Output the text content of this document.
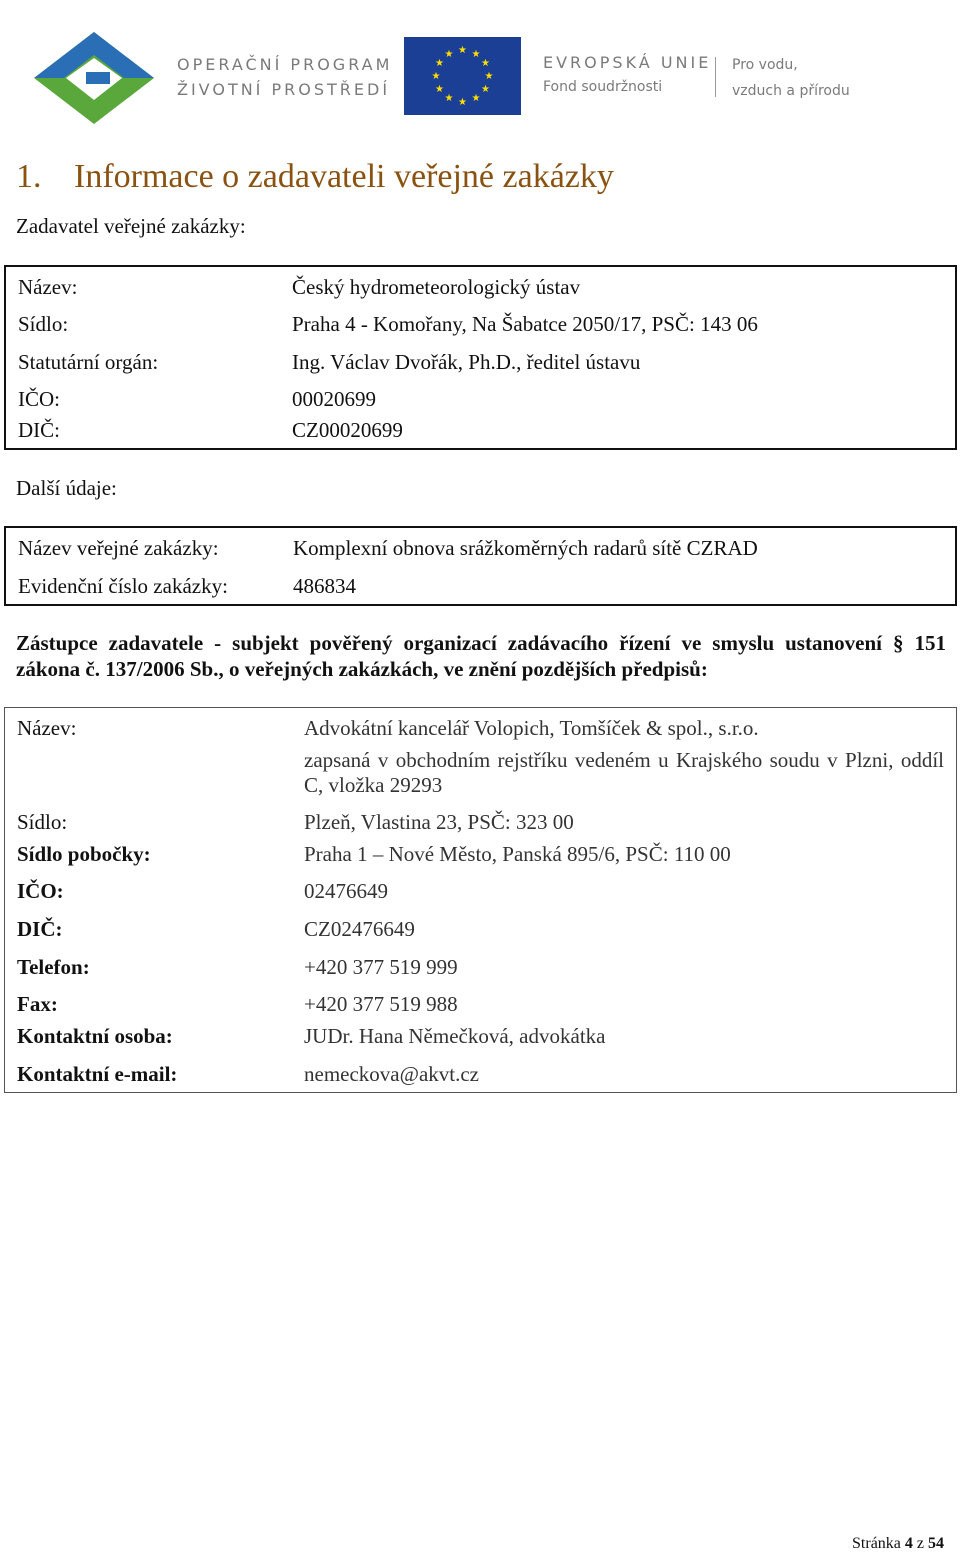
OPERAČNÍ PROGRAM
ŽIVOTNÍ PROSTŘEDÍ
★ ★
★
★
★
★
★
★
★
★
★
★	EVROPSKÁ UNIE
Fond soudržnosti
Pro vodu,
vzduch a přírodu
1. Informace o zadavateli veřejné zakázky
Zadavatel veřejné zakázky:
Název:	Český hydrometeorologický ústav
Sídlo:	Praha 4 - Komořany, Na Šabatce 2050/17, PSČ: 143 06
Statutární orgán:	Ing. Václav Dvořák, Ph.D., ředitel ústavu
IČO:	00020699
DIČ:	CZ00020699
Další údaje:
Název veřejné zakázky:	Komplexní obnova srážkoměrných radarů sítě CZRAD
Evidenční číslo zakázky:	486834
Zástupce zadavatele - subjekt pověřený organizací zadávacího řízení ve smyslu ustanovení § 151 zákona č. 137/2006 Sb., o veřejných zakázkách, ve znění pozdějších předpisů:
Název:	Advokátní kancelář Volopich, Tomšíček & spol., s.r.o.
zapsaná v obchodním rejstříku vedeném u Krajského soudu v Plzni, oddíl C, vložka 29293
Sídlo:	Plzeň, Vlastina 23, PSČ: 323 00
Sídlo pobočky:	Praha 1 – Nové Město, Panská 895/6, PSČ: 110 00
IČO:	02476649
DIČ:	CZ02476649
Telefon:	+420 377 519 999
Fax:	+420 377 519 988
Kontaktní osoba:	JUDr. Hana Němečková, advokátka
Kontaktní e-mail:	nemeckova@akvt.cz
Stránka 4 z 54
